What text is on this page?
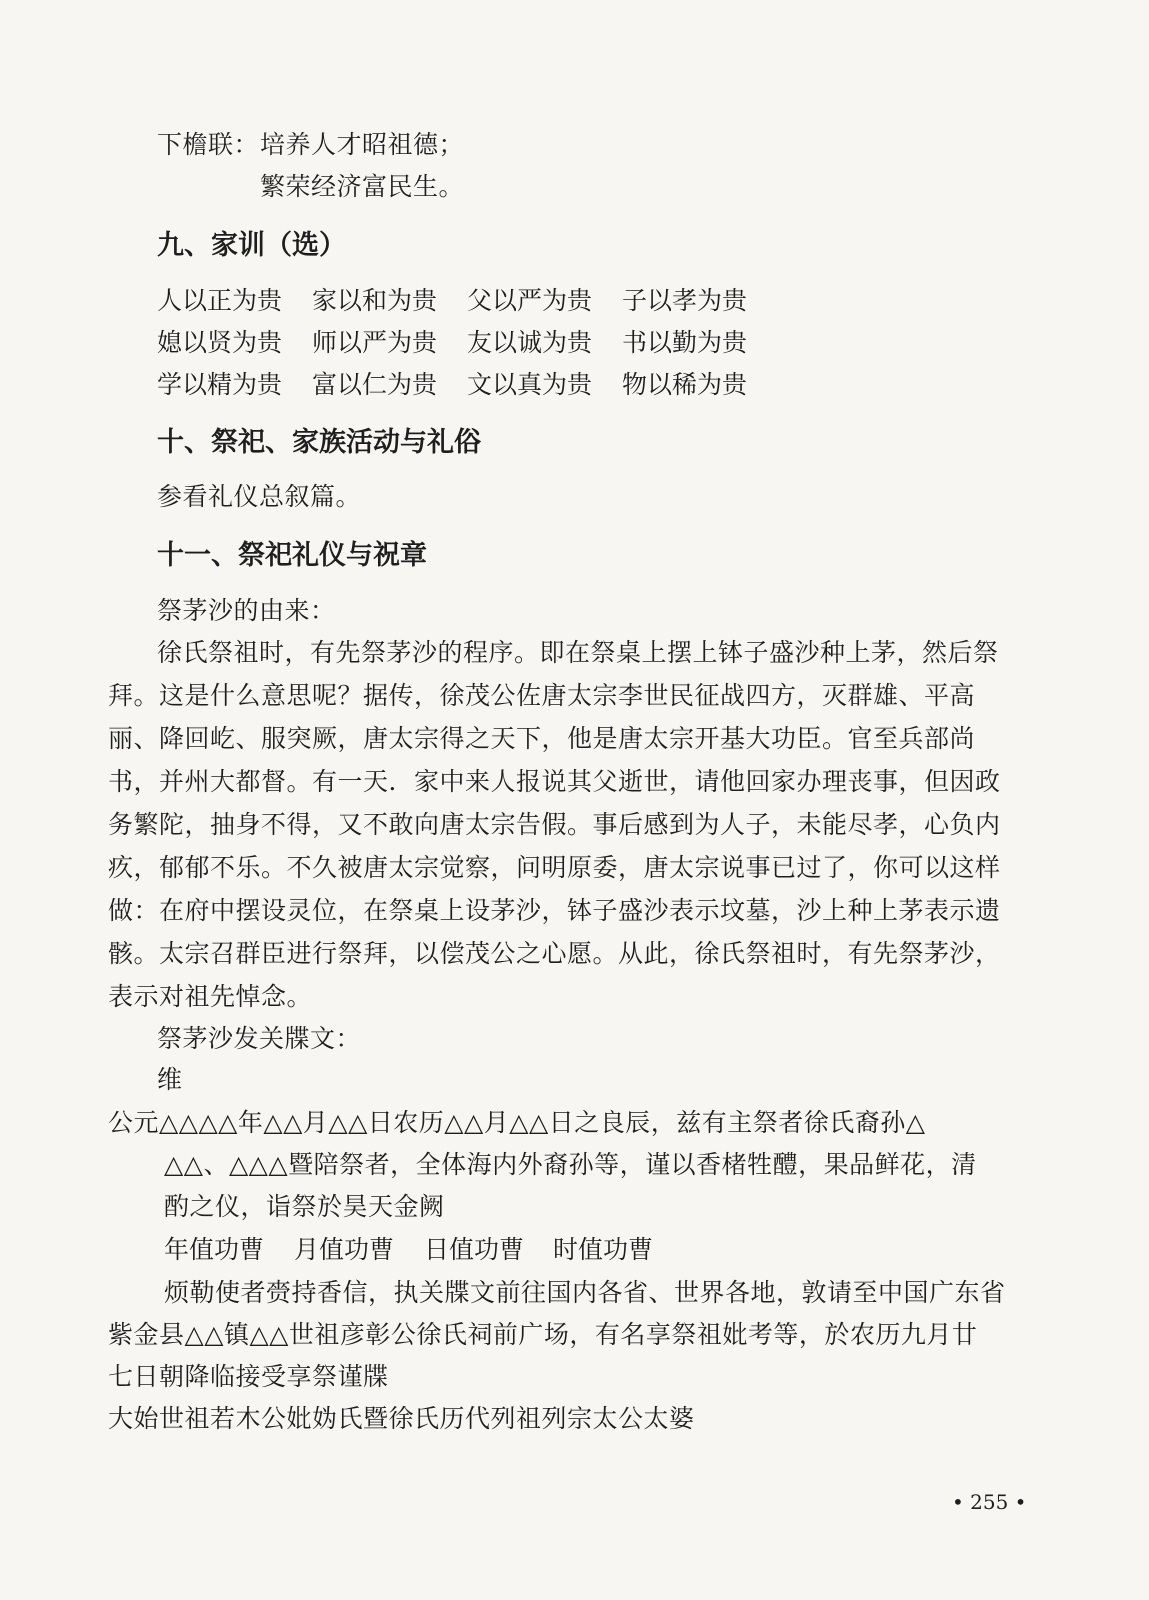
下檐联： 培养人才昭祖德；
繁荣经济富民生。
九、家训（选）
人以正为贵 家以和为贵 父以严为贵 子以孝为贵
媳以贤为贵 师以严为贵 友以诚为贵 书以勤为贵
学以精为贵 富以仁为贵 文以真为贵 物以稀为贵
十、祭祀、家族活动与礼俗
参看礼仪总叙篇。
十一、祭祀礼仪与祝章
祭茅沙的由来：
徐氏祭祖时，有先祭茅沙的程序。即在祭桌上摆上钵子盛沙种上茅，然后祭
拜。这是什么意思呢？据传，徐茂公佐唐太宗李世民征战四方，灭群雄、平高
丽、降回屹、服突厥，唐太宗得之天下，他是唐太宗开基大功臣。官至兵部尚
书，并州大都督。有一天．家中来人报说其父逝世，请他回家办理丧事，但因政
务繁陀，抽身不得，又不敢向唐太宗告假。事后感到为人子，未能尽孝，心负内
疚，郁郁不乐。不久被唐太宗觉察，问明原委，唐太宗说事已过了，你可以这样
做：在府中摆设灵位，在祭桌上设茅沙，钵子盛沙表示坟墓，沙上种上茅表示遗
骸。太宗召群臣进行祭拜，以偿茂公之心愿。从此，徐氏祭祖时，有先祭茅沙，
表示对祖先悼念。
祭茅沙发关牒文：
维
公元△△△△年△△月△△日农历△△月△△日之良辰，兹有主祭者徐氏裔孙△
△△、△△△暨陪祭者，全体海内外裔孙等，谨以香楮牲醴，果品鲜花，清
酌之仪，诣祭於昊天金阙
年值功曹 月值功曹 日值功曹 时值功曹
烦勒使者赍持香信，执关牒文前往国内各省、世界各地，敦请至中国广东省
紫金县△△镇△△世祖彦彰公徐氏祠前广场，有名享祭祖妣考等，於农历九月廿
七日朝降临接受享祭谨牒
大始世祖若木公妣妫氏暨徐氏历代列祖列宗太公太婆
• 255 •
